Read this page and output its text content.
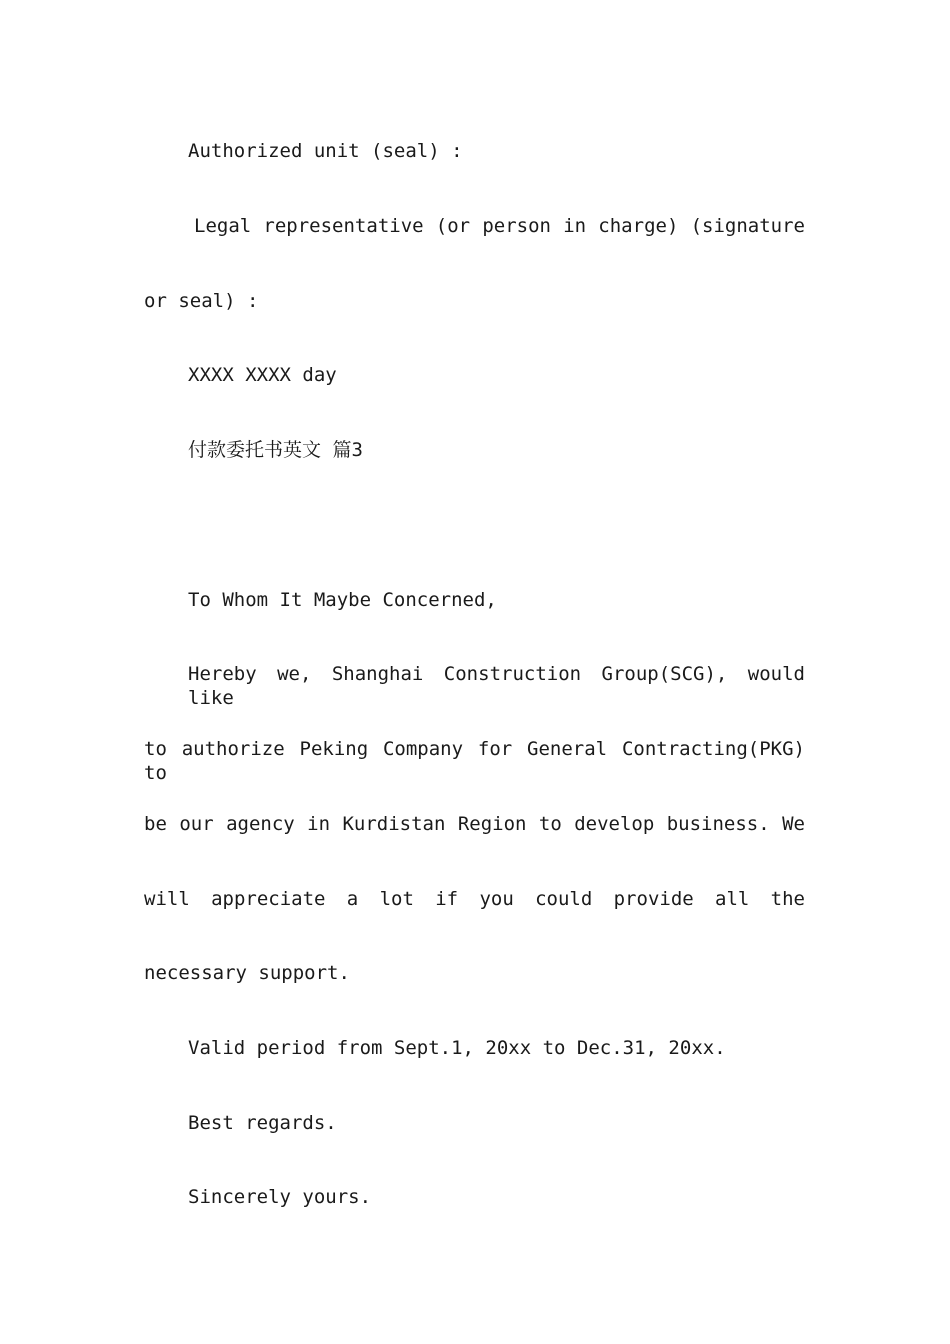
Authorized unit (seal) :

Legal representative (or person in charge) (signature

or seal) :

XXXX XXXX day

付款委托书英文 篇3

To Whom It Maybe Concerned,

Hereby we, Shanghai Construction Group(SCG), would like

to authorize Peking Company for General Contracting(PKG) to

be our agency in Kurdistan Region to develop business. We

will appreciate a lot if you could provide all the

necessary support.

Valid period from Sept.1, 20xx to Dec.31, 20xx.

Best regards.

Sincerely yours.
